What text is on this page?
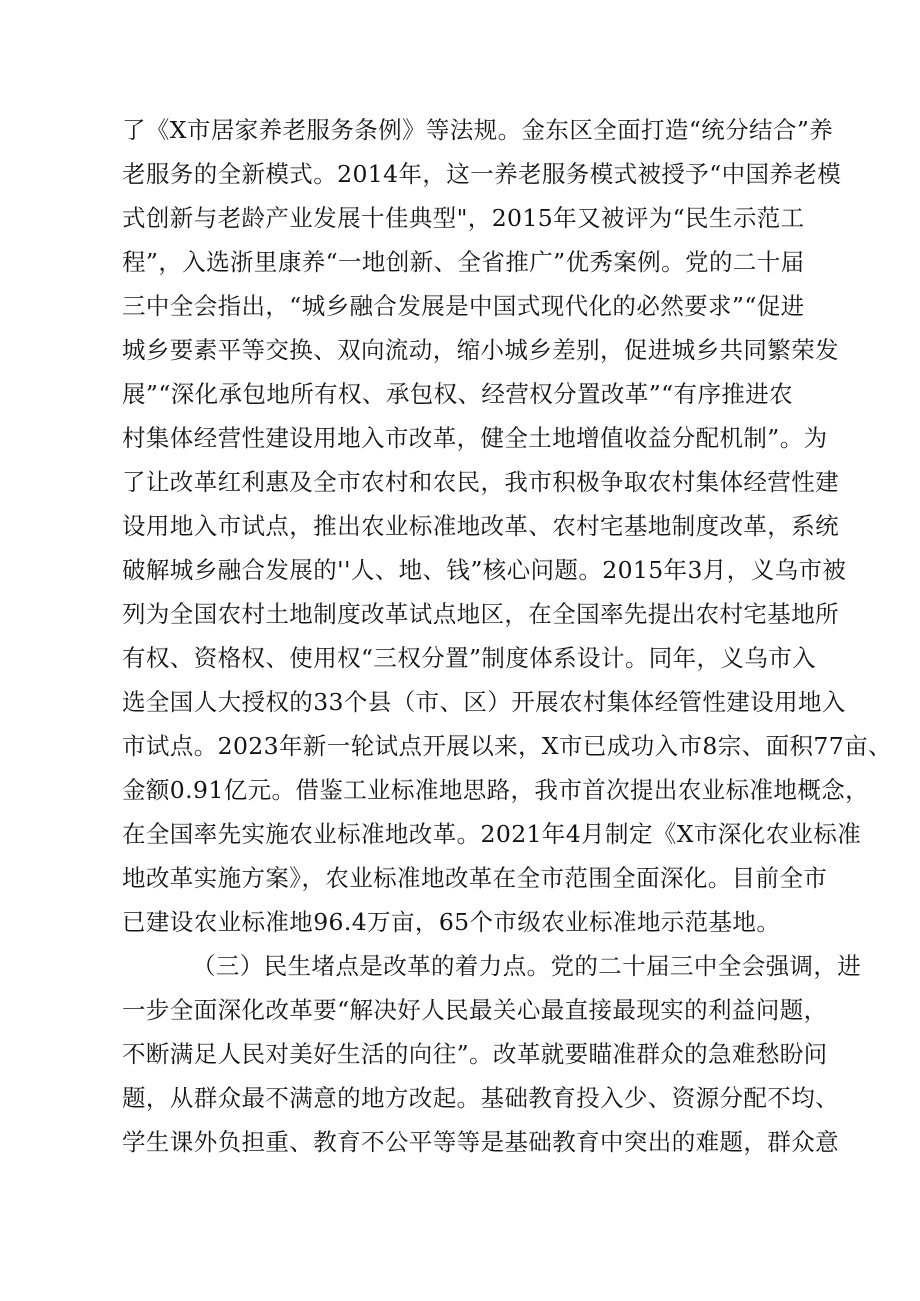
了《X市居家养老服务条例》等法规。金东区全面打造“统分结合”养
老服务的全新模式。2014年，这一养老服务模式被授予“中国养老模
式创新与老龄产业发展十佳典型"，2015年又被评为“民生示范工
程”，入选浙里康养“一地创新、全省推广”优秀案例。党的二十届
三中全会指出，“城乡融合发展是中国式现代化的必然要求”“促进
城乡要素平等交换、双向流动，缩小城乡差别，促进城乡共同繁荣发
展”“深化承包地所有权、承包权、经营权分置改革”“有序推进农
村集体经营性建设用地入市改革，健全土地增值收益分配机制”。为
了让改革红利惠及全市农村和农民，我市积极争取农村集体经营性建
设用地入市试点，推出农业标准地改革、农村宅基地制度改革，系统
破解城乡融合发展的''人、地、钱”核心问题。2015年3月，义乌市被
列为全国农村土地制度改革试点地区，在全国率先提出农村宅基地所
有权、资格权、使用权“三权分置”制度体系设计。同年，义乌市入
选全国人大授权的33个县（市、区）开展农村集体经管性建设用地入
市试点。2023年新一轮试点开展以来，X市已成功入市8宗、面积77亩、
金额0.91亿元。借鉴工业标准地思路，我市首次提出农业标准地概念，
在全国率先实施农业标准地改革。2021年4月制定《X市深化农业标准
地改革实施方案》，农业标准地改革在全市范围全面深化。目前全市
已建设农业标准地96.4万亩，65个市级农业标准地示范基地。
（三）民生堵点是改革的着力点。党的二十届三中全会强调，进
一步全面深化改革要“解决好人民最关心最直接最现实的利益问题，
不断满足人民对美好生活的向往”。改革就要瞄准群众的急难愁盼问
题，从群众最不满意的地方改起。基础教育投入少、资源分配不均、
学生课外负担重、教育不公平等等是基础教育中突出的难题，群众意
